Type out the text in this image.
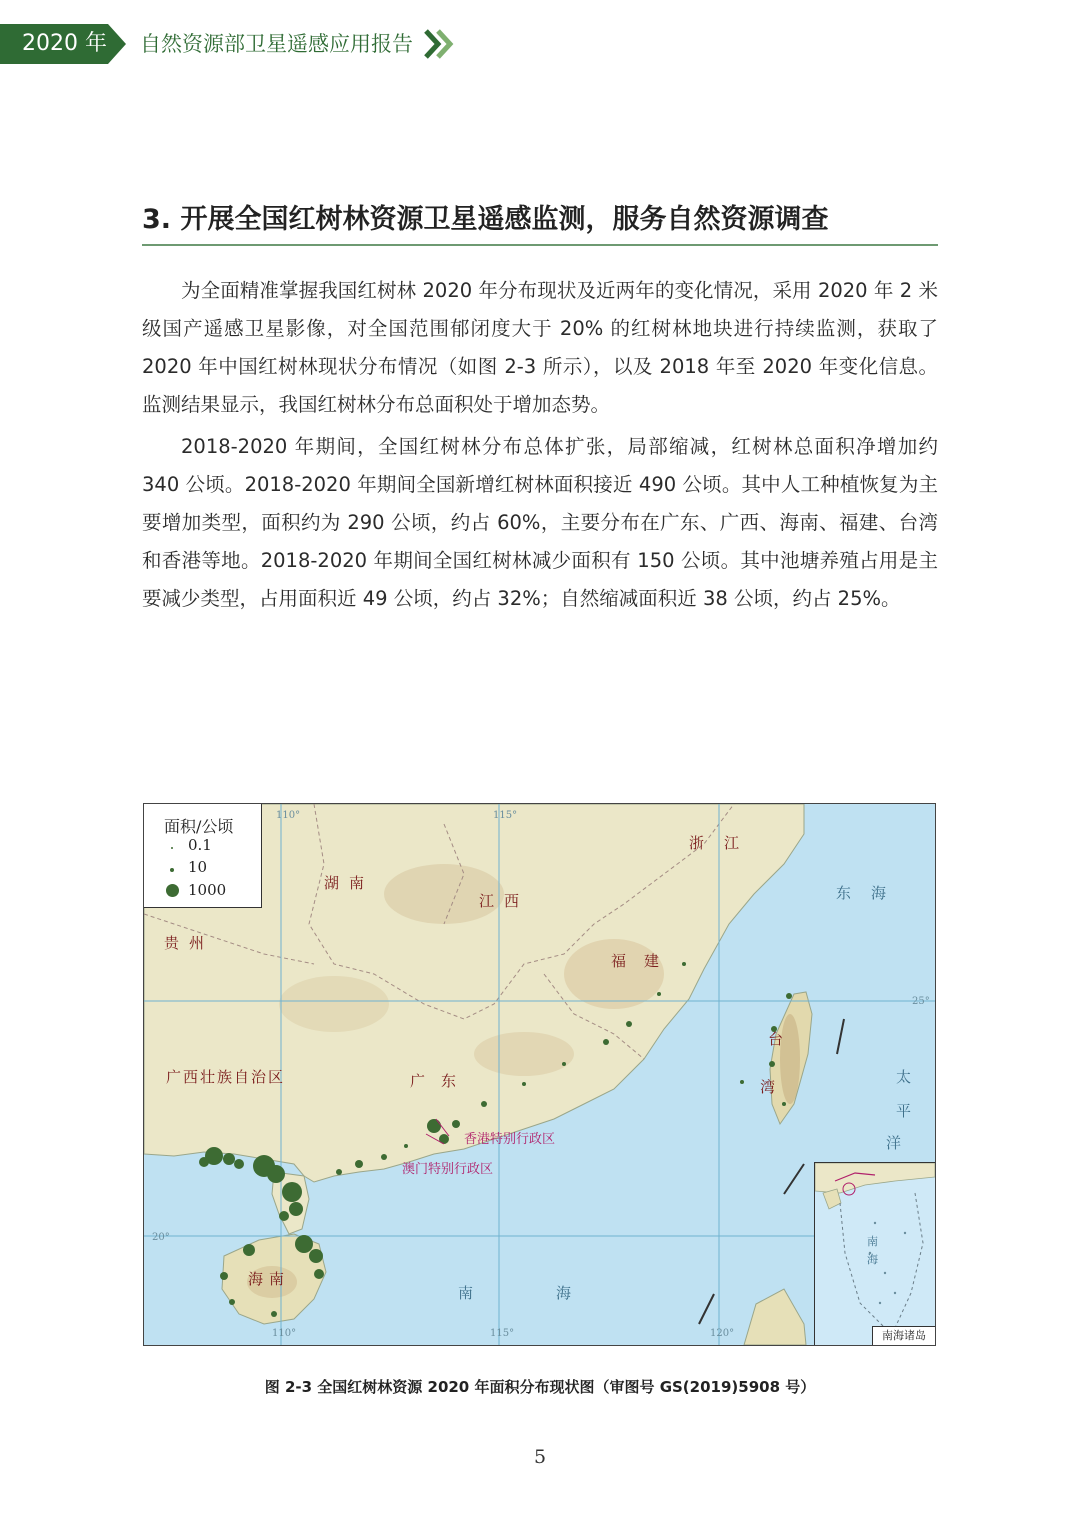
2020 年 自然资源部卫星遥感应用报告
3. 开展全国红树林资源卫星遥感监测，服务自然资源调查

为全面精准掌握我国红树林 2020 年分布现状及近两年的变化情况，采用 2020 年 2 米级国产遥感卫星影像，对全国范围郁闭度大于 20% 的红树林地块进行持续监测，获取了 2020 年中国红树林现状分布情况（如图 2-3 所示），以及 2018 年至 2020 年变化信息。监测结果显示，我国红树林分布总面积处于增加态势。

2018-2020 年期间，全国红树林分布总体扩张，局部缩减，红树林总面积净增加约 340 公顷。2018-2020 年期间全国新增红树林面积接近 490 公顷。其中人工种植恢复为主要增加类型，面积约为 290 公顷，约占 60%，主要分布在广东、广西、海南、福建、台湾和香港等地。2018-2020 年期间全国红树林减少面积有 150 公顷。其中池塘养殖占用是主要减少类型，占用面积近 49 公顷，约占 32%；自然缩减面积近 38 公顷，约占 25%。

面积/公顷
0.1
10
1000	湖南
江西
浙江
贵州
福建
广西壮族自治区	广东
台
湾
海南
香港特别行政区
澳门特别行政区
东海
太
平
洋
南	海
110°	115°
110°	115°	120°
25°
20°	南
海
南海诸岛
图 2-3 全国红树林资源 2020 年面积分布现状图（审图号 GS(2019)5908 号）
5
